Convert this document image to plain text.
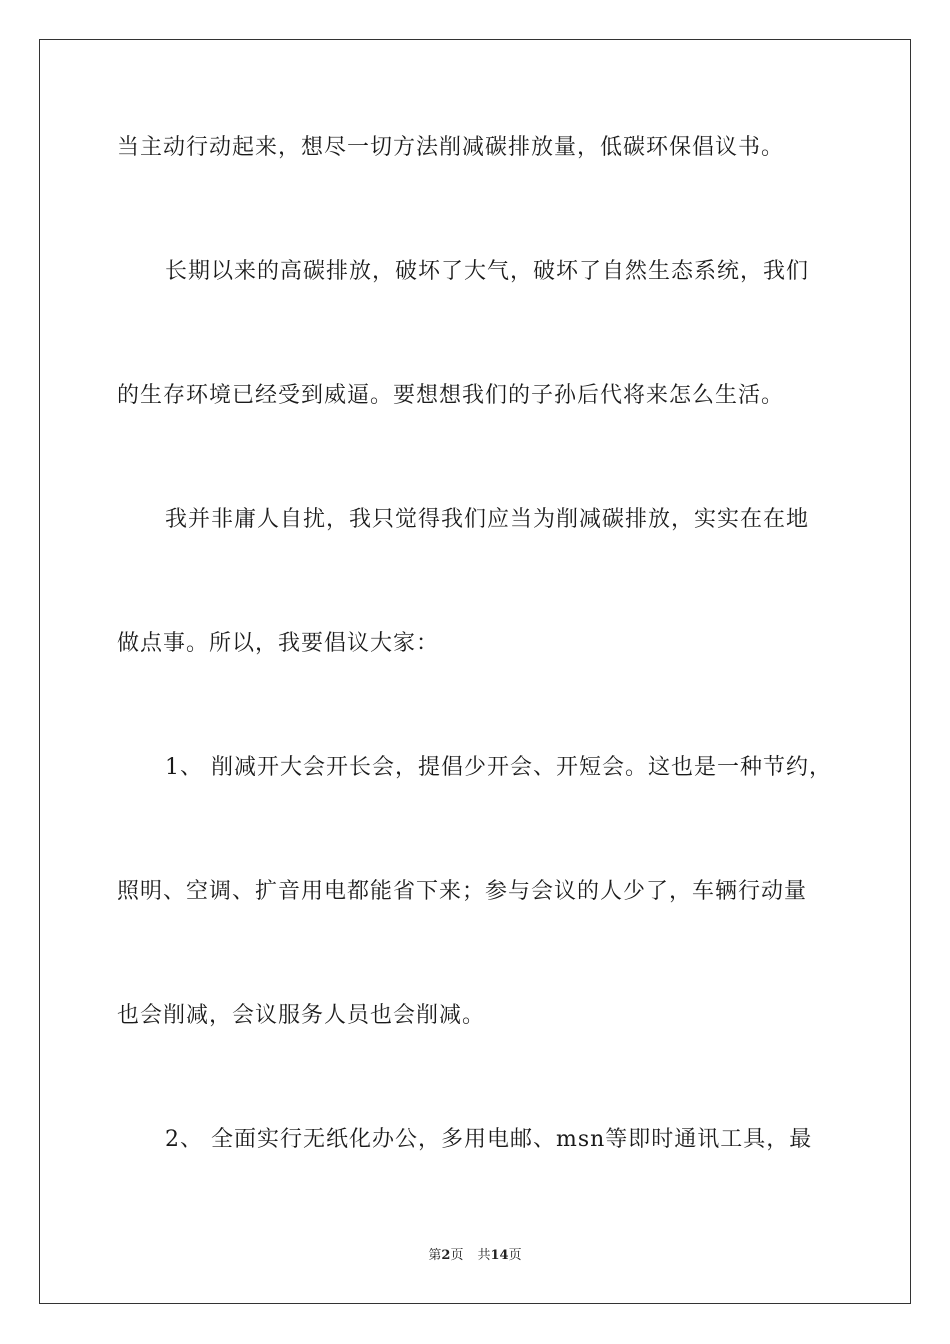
当主动行动起来，想尽一切方法削减碳排放量，低碳环保倡议书。
长期以来的高碳排放，破坏了大气，破坏了自然生态系统，我们
的生存环境已经受到威逼。要想想我们的子孙后代将来怎么生活。
我并非庸人自扰，我只觉得我们应当为削减碳排放，实实在在地
做点事。所以，我要倡议大家：
1、 削减开大会开长会，提倡少开会、开短会。这也是一种节约，
照明、空调、扩音用电都能省下来；参与会议的人少了，车辆行动量
也会削减，会议服务人员也会削减。
2、 全面实行无纸化办公，多用电邮、msn等即时通讯工具，最
第2页 共14页
